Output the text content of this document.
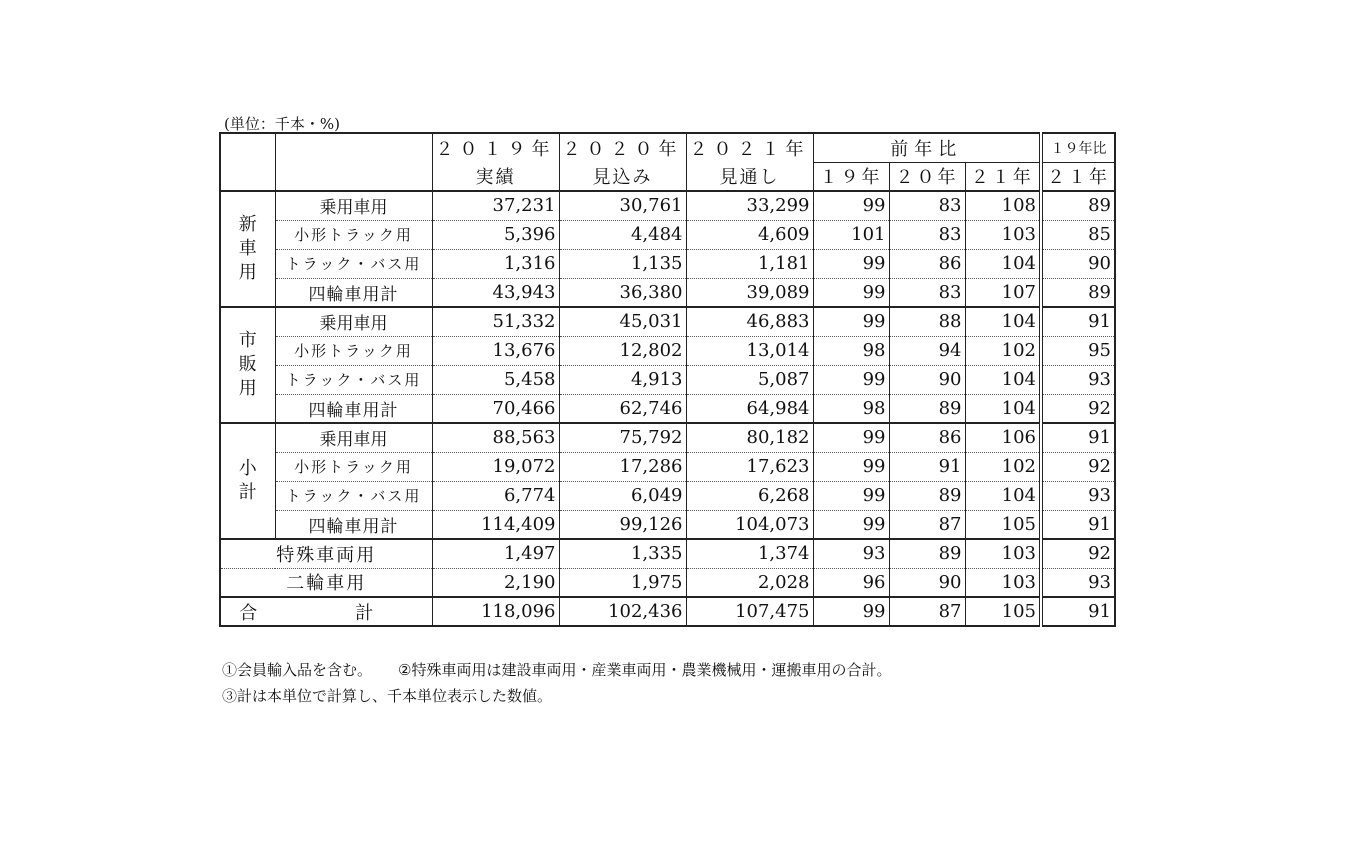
(単位：千本・%)
		２０１９年	２０２０年	２０２１年	前年比			１９年比
		実績	見込み	見通し	１９年	２０年	２１年	２１年

新
車
用	乗用車用	37,231	30,761	33,299	99	83	108	89
	小形トラック用	5,396	4,484	4,609	101	83	103	85
	トラック・バス用	1,316	1,135	1,181	99	86	104	90
	四輪車用計	43,943	36,380	39,089	99	83	107	89

市
販
用	乗用車用	51,332	45,031	46,883	99	88	104	91
	小形トラック用	13,676	12,802	13,014	98	94	102	95
	トラック・バス用	5,458	4,913	5,087	99	90	104	93
	四輪車用計	70,466	62,746	64,984	98	89	104	92

小
計	乗用車用	88,563	75,792	80,182	99	86	106	91
	小形トラック用	19,072	17,286	17,623	99	91	102	92
	トラック・バス用	6,774	6,049	6,268	99	89	104	93
	四輪車用計	114,409	99,126	104,073	99	87	105	91
特殊車両用		1,497	1,335	1,374	93	89	103	92
二輪車用		2,190	1,975	2,028	96	90	103	93
合　計		118,096	102,436	107,475	99	87	105	91
①会員輸入品を含む。 ②特殊車両用は建設車両用・産業車両用・農業機械用・運搬車用の合計。
③計は本単位で計算し、千本単位表示した数値。
